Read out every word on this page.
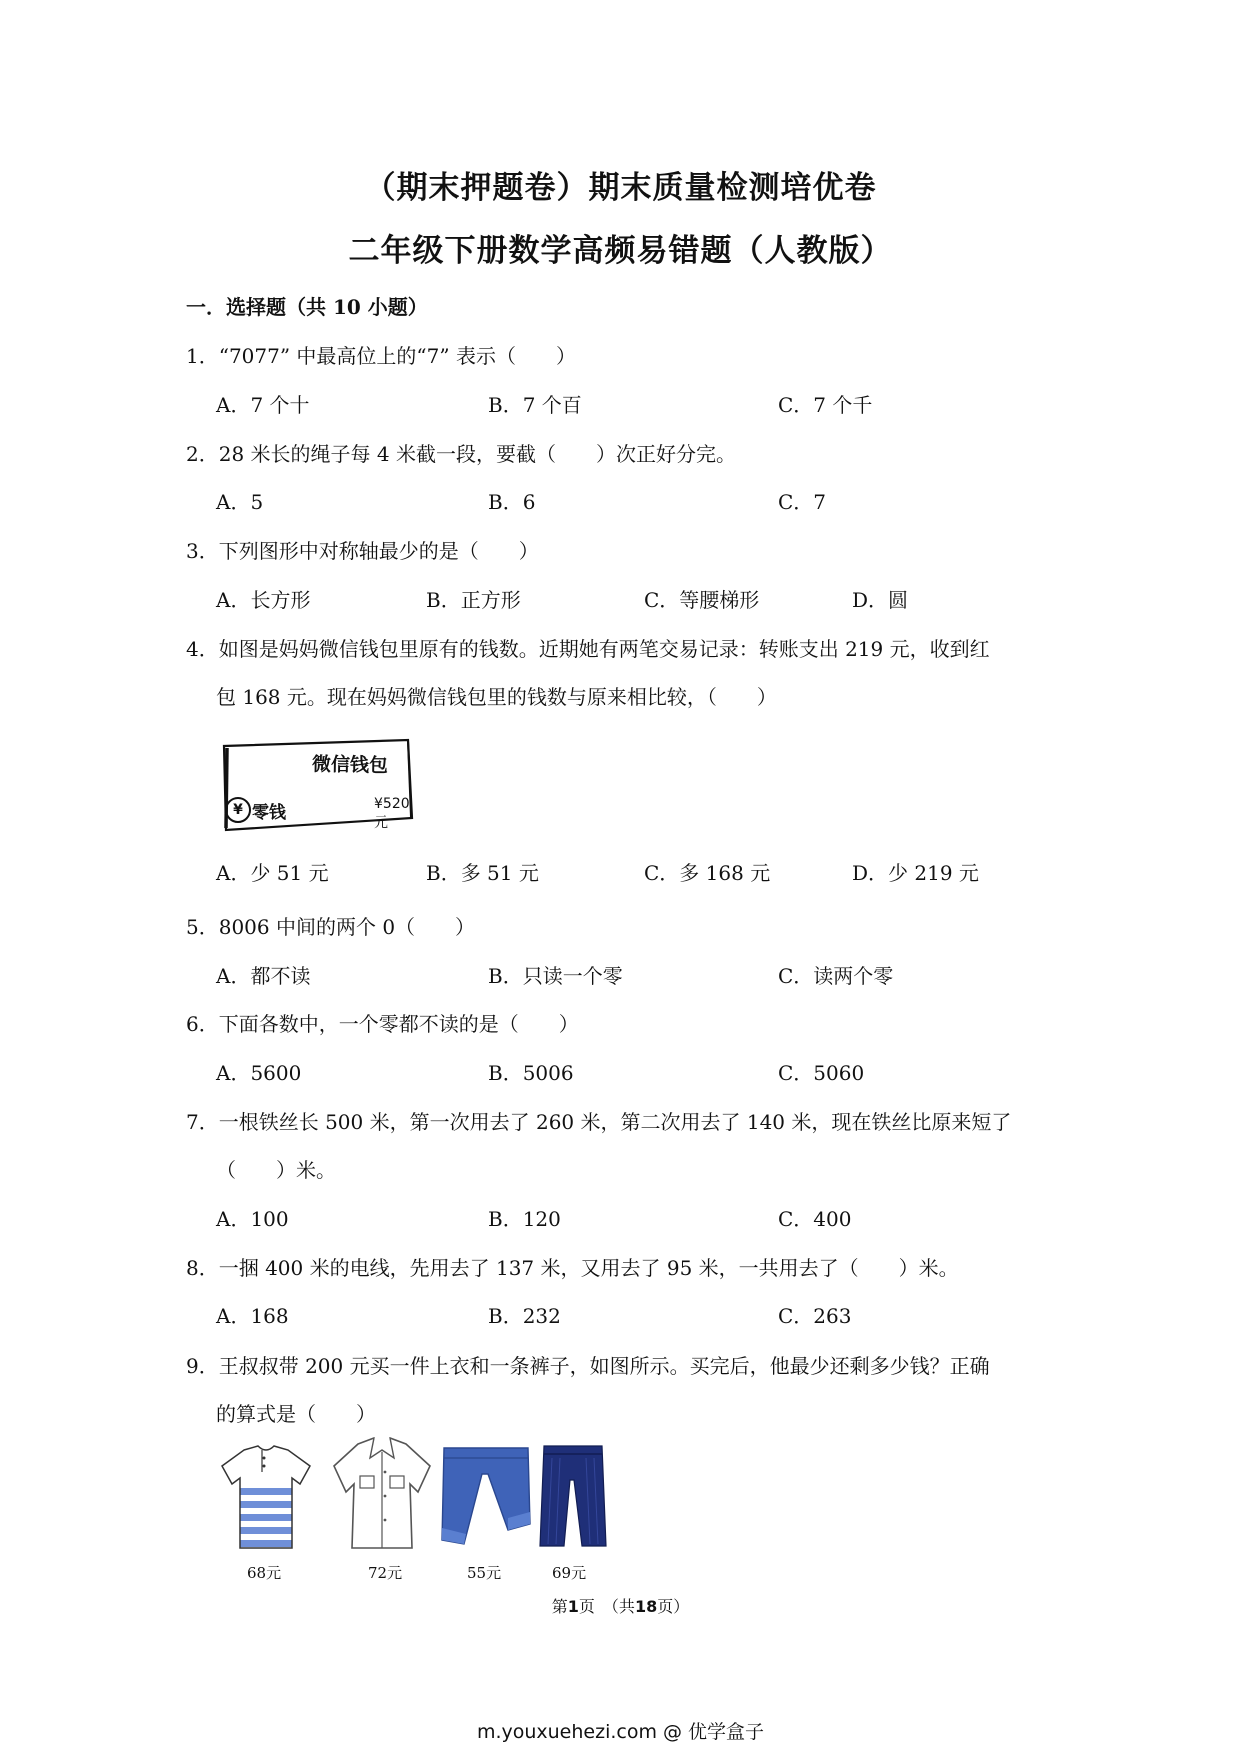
（期末押题卷）期末质量检测培优卷
二年级下册数学高频易错题（人教版）
一．选择题（共 10 小题）
1．“7077” 中最高位上的“7” 表示（　　）
A．7 个十	B．7 个百	C．7 个千
2．28 米长的绳子每 4 米截一段，要截（　　）次正好分完。
A．5	B．6	C．7
3．下列图形中对称轴最少的是（　　）
A．长方形	B．正方形	C．等腰梯形	D．圆
4．如图是妈妈微信钱包里原有的钱数。近期她有两笔交易记录：转账支出 219 元，收到红
包 168 元。现在妈妈微信钱包里的钱数与原来相比较，（　　）
微信钱包
¥ 零钱	¥520元
A．少 51 元	B．多 51 元	C．多 168 元	D．少 219 元
5．8006 中间的两个 0（　　）
A．都不读	B．只读一个零	C．读两个零
6．下面各数中，一个零都不读的是（　　）
A．5600	B．5006	C．5060
7．一根铁丝长 500 米，第一次用去了 260 米，第二次用去了 140 米，现在铁丝比原来短了
（　　）米。
A．100	B．120	C．400
8．一捆 400 米的电线，先用去了 137 米，又用去了 95 米，一共用去了（　　）米。
A．168	B．232	C．263
9．王叔叔带 200 元买一件上衣和一条裤子，如图所示。买完后，他最少还剩多少钱？正确
的算式是（　　）
68元	72元	55元	69元
第1页　（共18页）
m.youxuehezi.com @ 优学盒子
